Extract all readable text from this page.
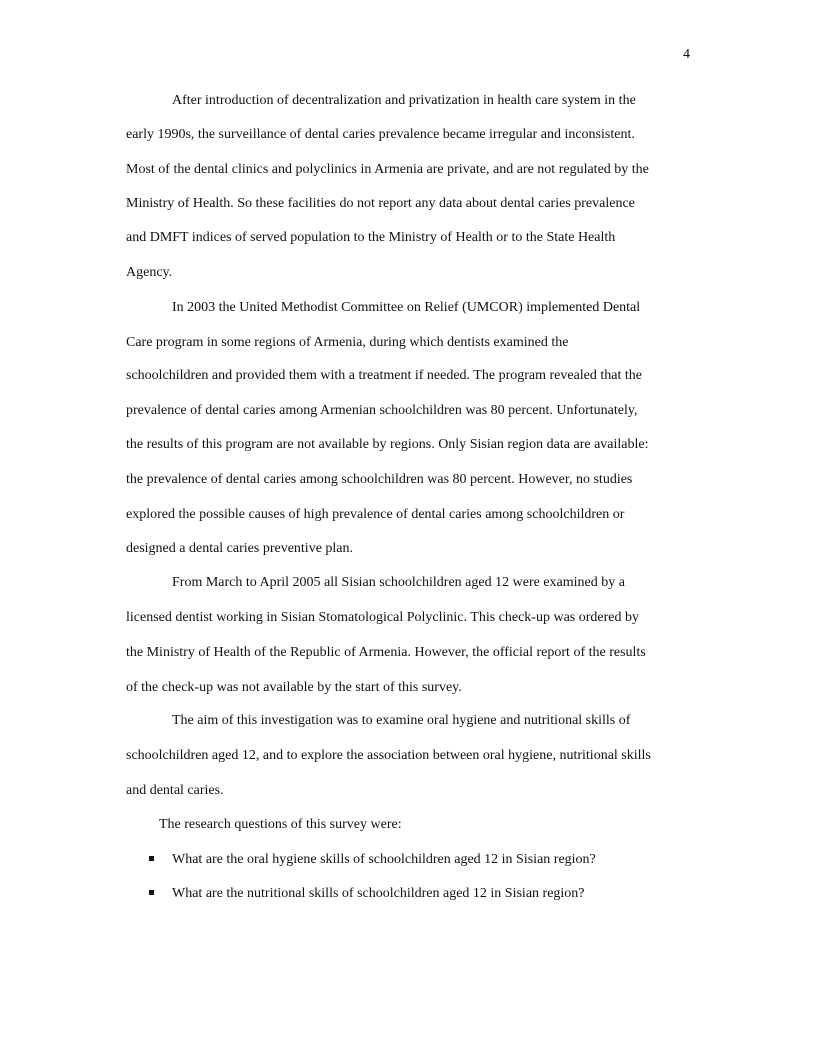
4
After introduction of decentralization and privatization in health care system in the
early 1990s, the surveillance of dental caries prevalence became irregular and inconsistent.
Most of the dental clinics and polyclinics in Armenia are private, and are not regulated by the
Ministry of Health. So these facilities do not report any data about dental caries prevalence
and DMFT indices of served population to the Ministry of Health or to the State Health
Agency.
In 2003 the United Methodist Committee on Relief (UMCOR) implemented Dental
Care program in some regions of Armenia, during which dentists examined the
schoolchildren and provided them with a treatment if needed. The program revealed that the
prevalence of dental caries among Armenian schoolchildren was 80 percent. Unfortunately,
the results of this program are not available by regions. Only Sisian region data are available:
the prevalence of dental caries among schoolchildren was 80 percent. However, no studies
explored the possible causes of high prevalence of dental caries among schoolchildren or
designed a dental caries preventive plan.
From March to April 2005 all Sisian schoolchildren aged 12 were examined by a
licensed dentist working in Sisian Stomatological Polyclinic. This check-up was ordered by
the Ministry of Health of the Republic of Armenia. However, the official report of the results
of the check-up was not available by the start of this survey.
The aim of this investigation was to examine oral hygiene and nutritional skills of
schoolchildren aged 12, and to explore the association between oral hygiene, nutritional skills
and dental caries.
The research questions of this survey were:
What are the oral hygiene skills of schoolchildren aged 12 in Sisian region?
What are the nutritional skills of schoolchildren aged 12 in Sisian region?
